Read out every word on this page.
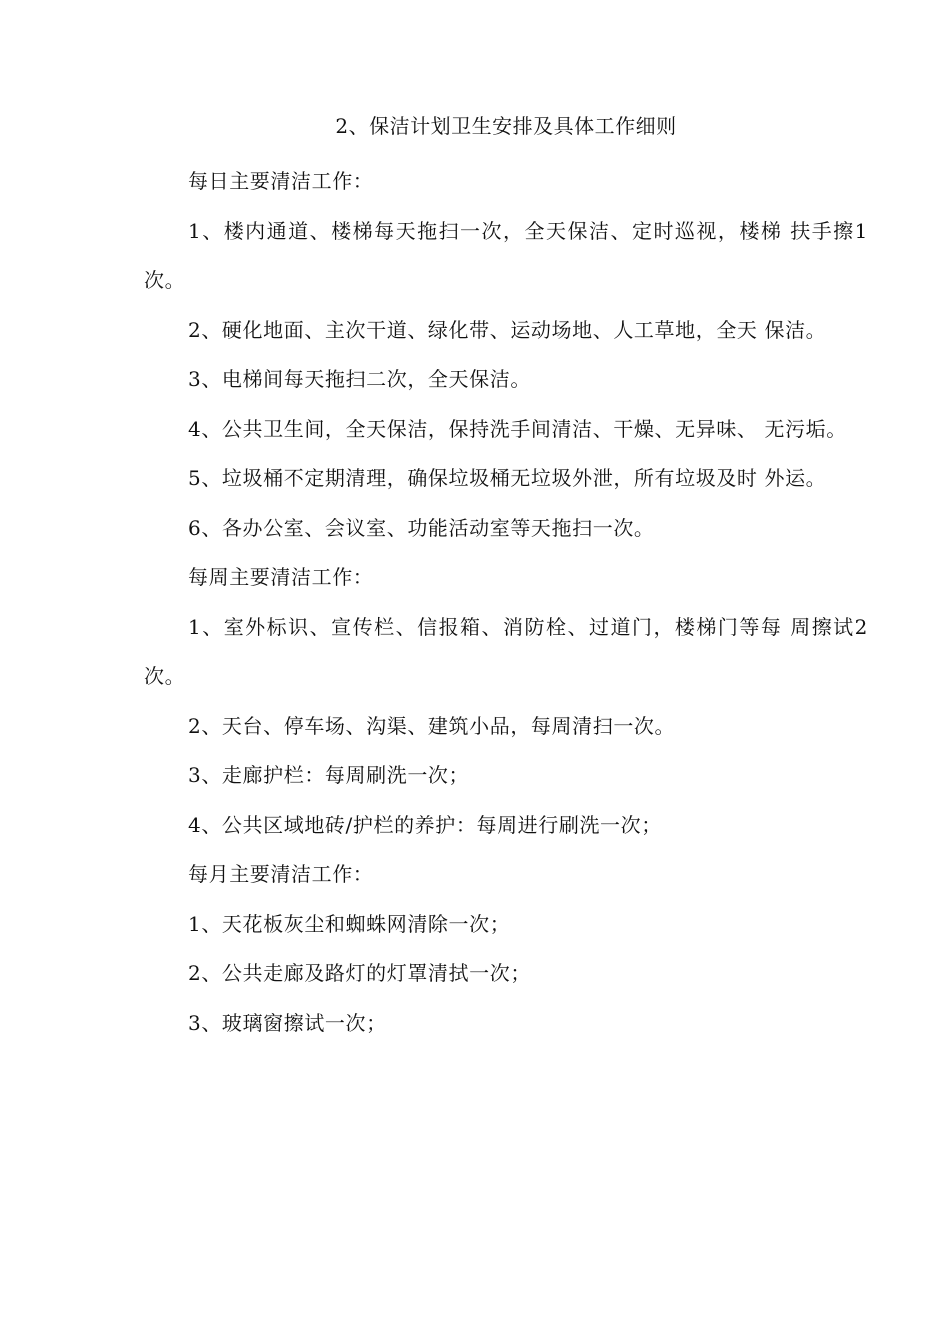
2、保洁计划卫生安排及具体工作细则

每日主要清洁工作：

1、楼内通道、楼梯每天拖扫一次，全天保洁、定时巡视，楼梯 扶手擦1次。

2、硬化地面、主次干道、绿化带、运动场地、人工草地，全天 保洁。

3、电梯间每天拖扫二次，全天保洁。

4、公共卫生间，全天保洁，保持洗手间清洁、干燥、无异味、 无污垢。

5、垃圾桶不定期清理，确保垃圾桶无垃圾外泄，所有垃圾及时 外运。

6、各办公室、会议室、功能活动室等天拖扫一次。

每周主要清洁工作：

1、室外标识、宣传栏、信报箱、消防栓、过道门，楼梯门等每 周擦试2次。

2、天台、停车场、沟渠、建筑小品，每周清扫一次。

3、走廊护栏：每周刷洗一次；

4、公共区域地砖/护栏的养护：每周进行刷洗一次；

每月主要清洁工作：

1、天花板灰尘和蜘蛛网清除一次；

2、公共走廊及路灯的灯罩清拭一次；

3、玻璃窗擦试一次；
